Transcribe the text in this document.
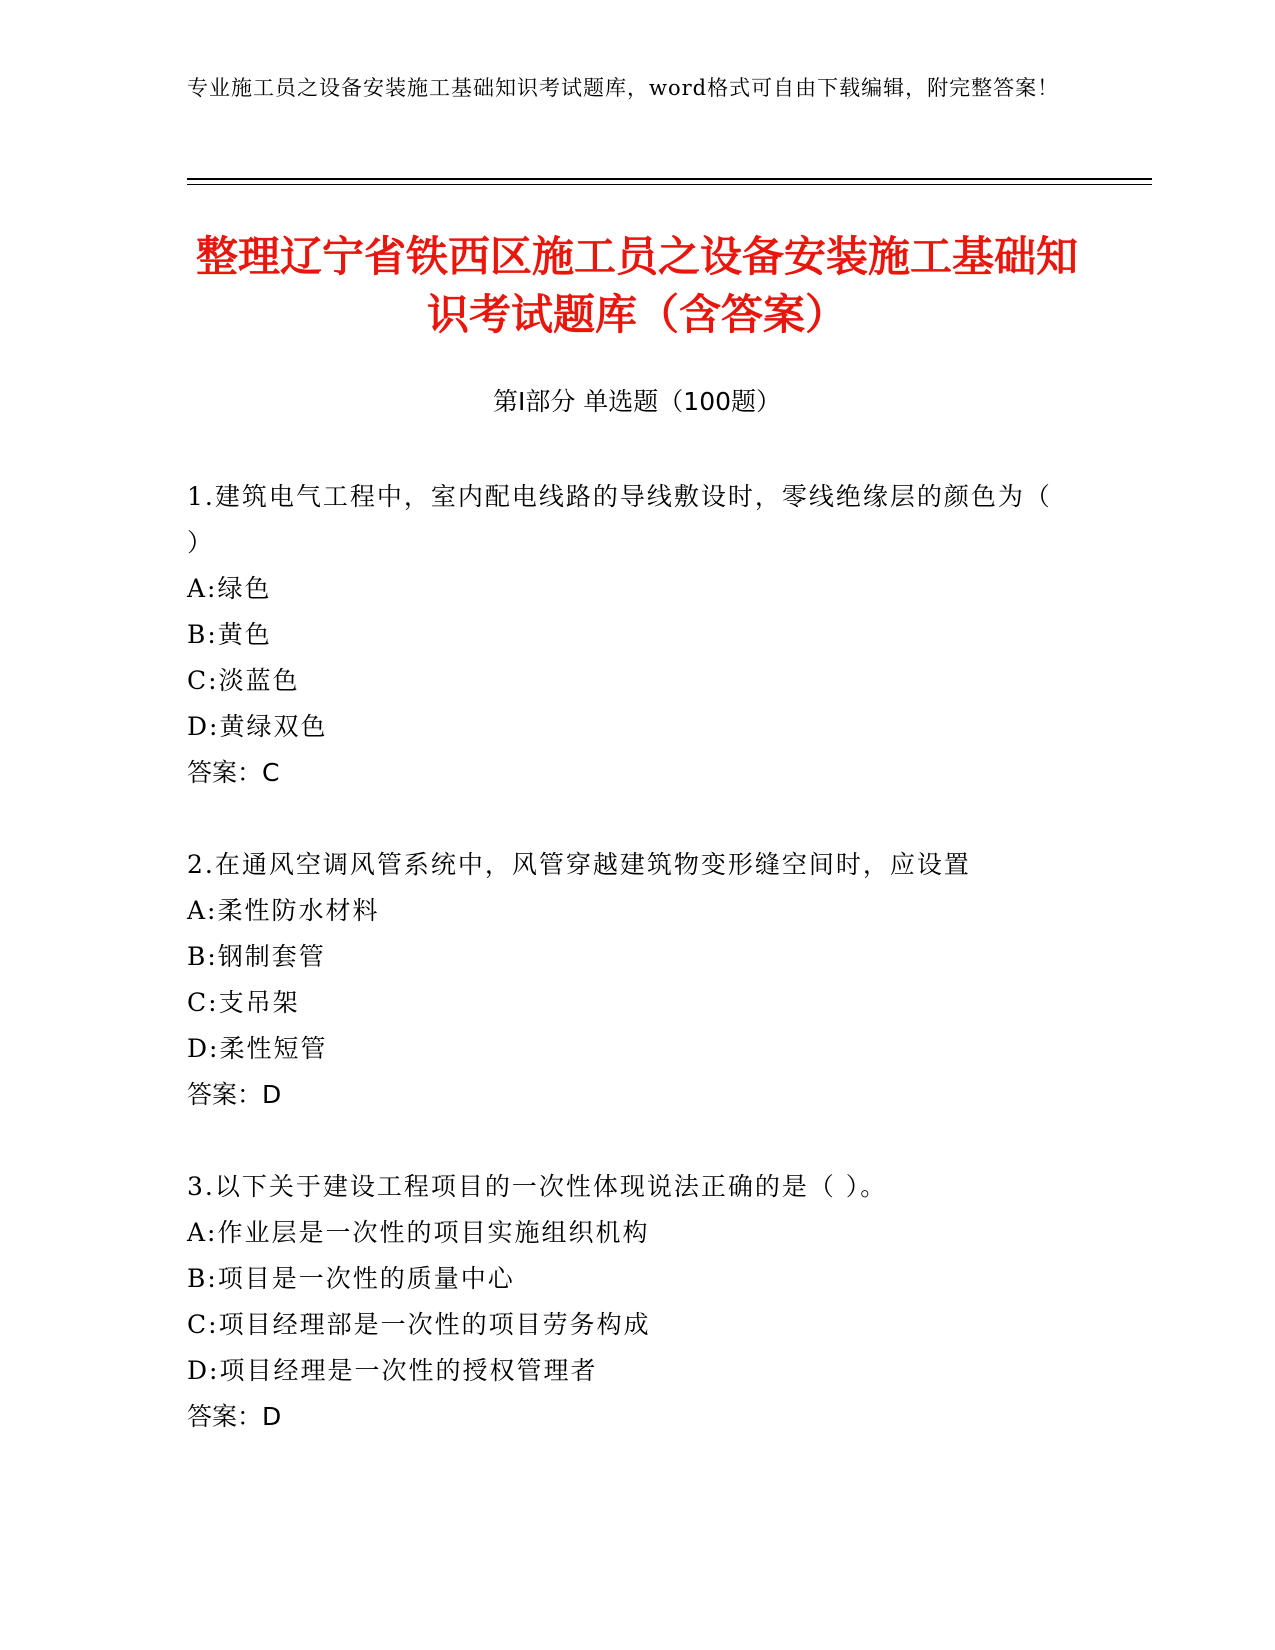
专业施工员之设备安装施工基础知识考试题库，word格式可自由下载编辑，附完整答案！
整理辽宁省铁西区施工员之设备安装施工基础知识考试题库（含答案）
第Ⅰ部分 单选题（100题）

1.建筑电气工程中，室内配电线路的导线敷设时，零线绝缘层的颜色为（ ）

A:绿色

B:黄色

C:淡蓝色

D:黄绿双色

答案：C

2.在通风空调风管系统中，风管穿越建筑物变形缝空间时，应设置

A:柔性防水材料

B:钢制套管

C:支吊架

D:柔性短管

答案：D

3.以下关于建设工程项目的一次性体现说法正确的是（ ）。

A:作业层是一次性的项目实施组织机构

B:项目是一次性的质量中心

C:项目经理部是一次性的项目劳务构成

D:项目经理是一次性的授权管理者

答案：D
